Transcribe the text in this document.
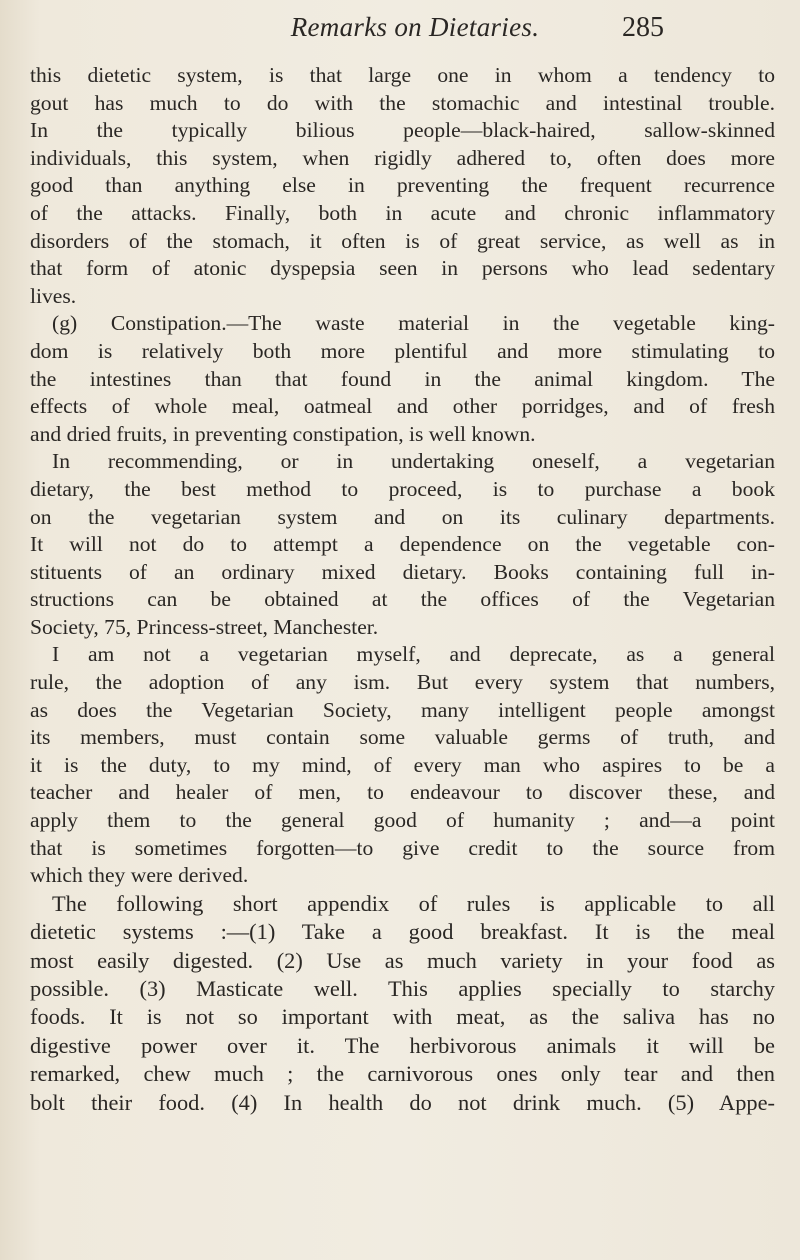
Remarks on Dietaries.	285
this dietetic system, is that large one in whom a tendency to
gout has much to do with the stomachic and intestinal trouble.
In the typically bilious people—black-haired, sallow-skinned
individuals, this system, when rigidly adhered to, often does more
good than anything else in preventing the frequent recurrence
of the attacks. Finally, both in acute and chronic inflammatory
disorders of the stomach, it often is of great service, as well as in
that form of atonic dyspepsia seen in persons who lead sedentary
lives.
(g) Constipation.—The waste material in the vegetable king-
dom is relatively both more plentiful and more stimulating to
the intestines than that found in the animal kingdom. The
effects of whole meal, oatmeal and other porridges, and of fresh
and dried fruits, in preventing constipation, is well known.
In recommending, or in undertaking oneself, a vegetarian
dietary, the best method to proceed, is to purchase a book
on the vegetarian system and on its culinary departments.
It will not do to attempt a dependence on the vegetable con-
stituents of an ordinary mixed dietary. Books containing full in-
structions can be obtained at the offices of the Vegetarian
Society, 75, Princess-street, Manchester.
I am not a vegetarian myself, and deprecate, as a general
rule, the adoption of any ism. But every system that numbers,
as does the Vegetarian Society, many intelligent people amongst
its members, must contain some valuable germs of truth, and
it is the duty, to my mind, of every man who aspires to be a
teacher and healer of men, to endeavour to discover these, and
apply them to the general good of humanity ; and—a point
that is sometimes forgotten—to give credit to the source from
which they were derived.
The following short appendix of rules is applicable to all
dietetic systems :—(1) Take a good breakfast. It is the meal
most easily digested. (2) Use as much variety in your food as
possible. (3) Masticate well. This applies specially to starchy
foods. It is not so important with meat, as the saliva has no
digestive power over it. The herbivorous animals it will be
remarked, chew much ; the carnivorous ones only tear and then
bolt their food. (4) In health do not drink much. (5) Appe-
